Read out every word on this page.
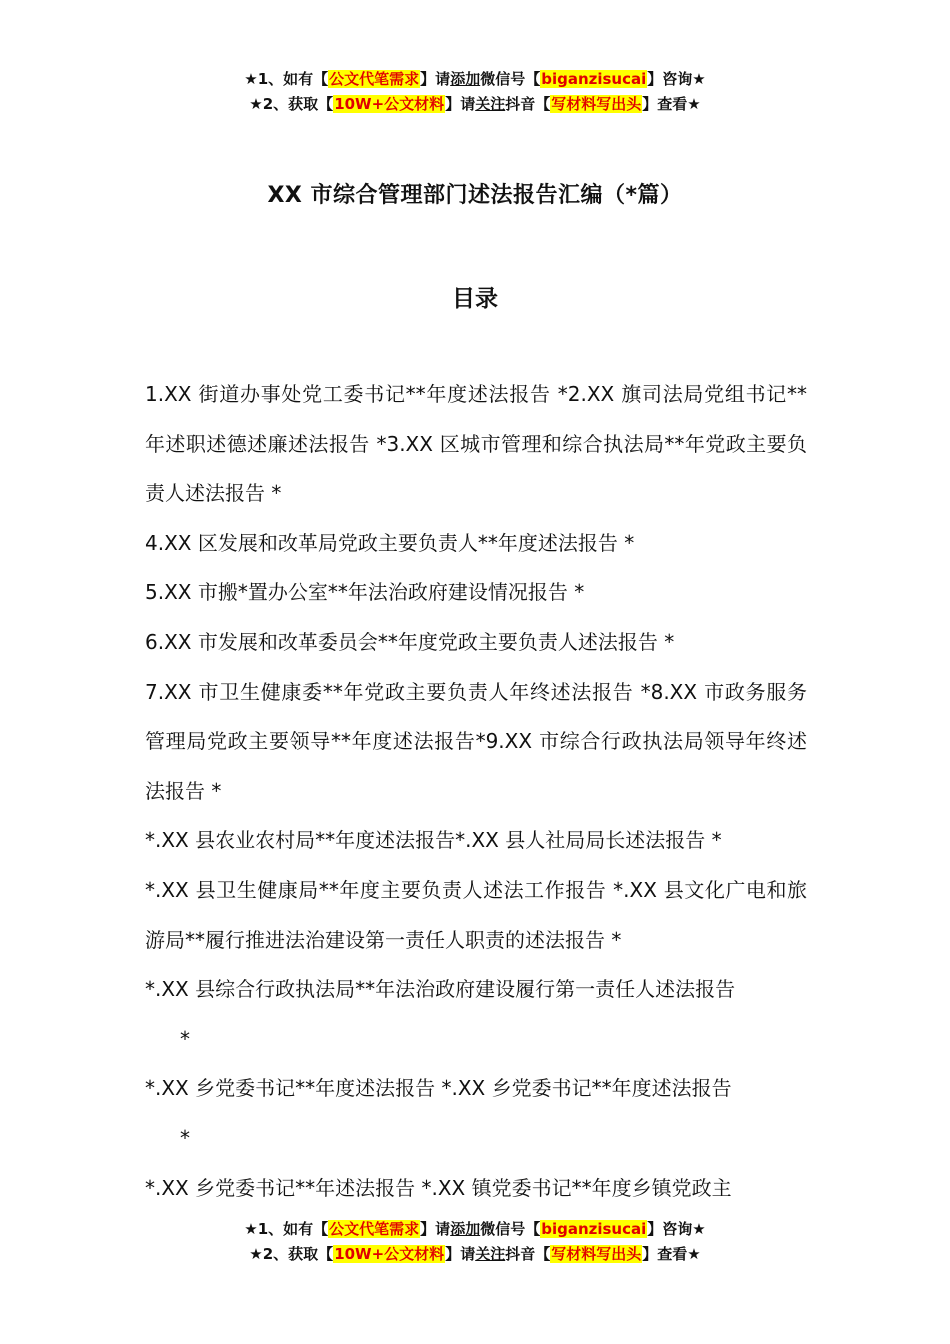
★1、如有【公文代笔需求】请添加微信号【biganzisucai】咨询★
★2、获取【10W+公文材料】请关注抖音【写材料写出头】查看★
XX 市综合管理部门述法报告汇编（*篇）
目录

1.XX 街道办事处党工委书记**年度述法报告 *2.XX 旗司法局党组书记**年述职述德述廉述法报告 *3.XX 区城市管理和综合执法局**年党政主要负责人述法报告 *

4.XX 区发展和改革局党政主要负责人**年度述法报告 *

5.XX 市搬*置办公室**年法治政府建设情况报告 *

6.XX 市发展和改革委员会**年度党政主要负责人述法报告 *

7.XX 市卫生健康委**年党政主要负责人年终述法报告 *8.XX 市政务服务管理局党政主要领导**年度述法报告*9.XX 市综合行政执法局领导年终述法报告 *

*.XX 县农业农村局**年度述法报告*.XX 县人社局局长述法报告 *

*.XX 县卫生健康局**年度主要负责人述法工作报告 *.XX 县文化广电和旅游局**履行推进法治建设第一责任人职责的述法报告 *

*.XX 县综合行政执法局**年法治政府建设履行第一责任人述法报告

*

*.XX 乡党委书记**年度述法报告 *.XX 乡党委书记**年度述法报告

*

*.XX 乡党委书记**年述法报告 *.XX 镇党委书记**年度乡镇党政主

★1、如有【公文代笔需求】请添加微信号【biganzisucai】咨询★
★2、获取【10W+公文材料】请关注抖音【写材料写出头】查看★
